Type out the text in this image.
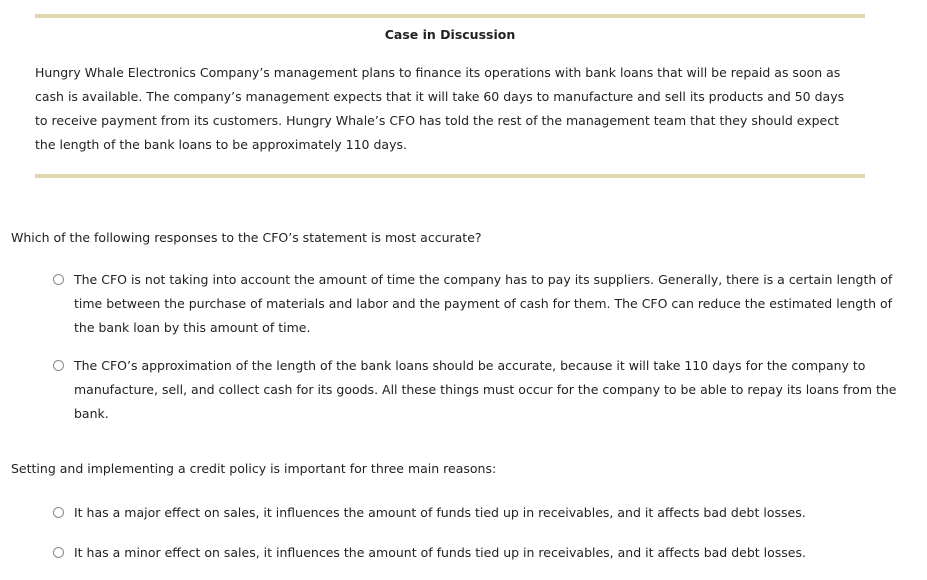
Case in Discussion

Hungry Whale Electronics Company’s management plans to finance its operations with bank loans that will be repaid as soon as cash is available. The company’s management expects that it will take 60 days to manufacture and sell its products and 50 days to receive payment from its customers. Hungry Whale’s CFO has told the rest of the management team that they should expect the length of the bank loans to be approximately 110 days.

Which of the following responses to the CFO’s statement is most accurate?

The CFO is not taking into account the amount of time the company has to pay its suppliers. Generally, there is a certain length of time between the purchase of materials and labor and the payment of cash for them. The CFO can reduce the estimated length of the bank loan by this amount of time.
The CFO’s approximation of the length of the bank loans should be accurate, because it will take 110 days for the company to manufacture, sell, and collect cash for its goods. All these things must occur for the company to be able to repay its loans from the bank.

Setting and implementing a credit policy is important for three main reasons:

It has a major effect on sales, it influences the amount of funds tied up in receivables, and it affects bad debt losses.
It has a minor effect on sales, it influences the amount of funds tied up in receivables, and it affects bad debt losses.
